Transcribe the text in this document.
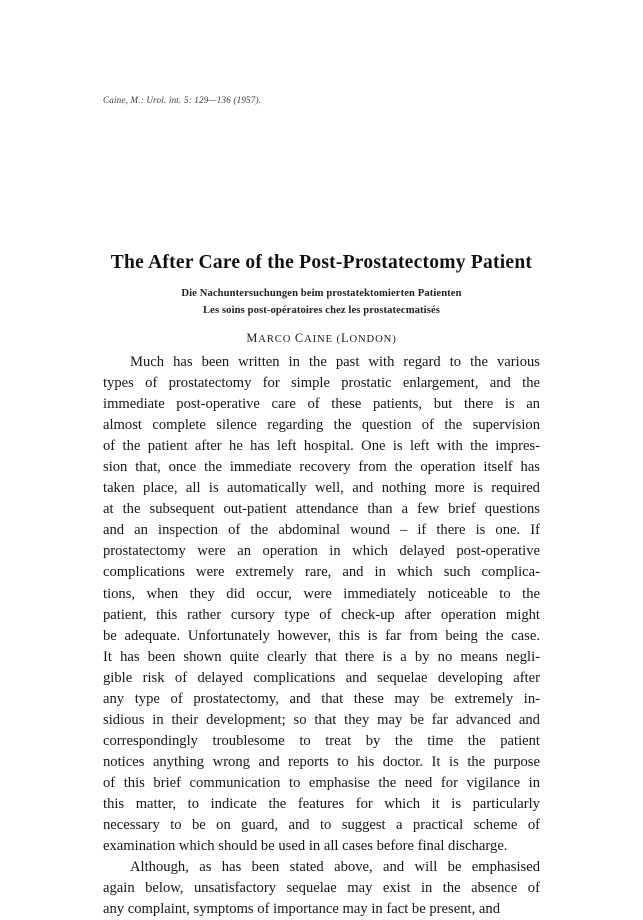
Caine, M.: Urol. int. 5: 129—136 (1957).
The After Care of the Post-Prostatectomy Patient

Die Nachuntersuchungen beim prostatektomierten Patienten

Les soins post-opératoires chez les prostatecmatisés

MARCO CAINE (LONDON)

Much has been written in the past with regard to the various
types of prostatectomy for simple prostatic enlargement, and the
immediate post-operative care of these patients, but there is an
almost complete silence regarding the question of the supervision
of the patient after he has left hospital. One is left with the impres-
sion that, once the immediate recovery from the operation itself has
taken place, all is automatically well, and nothing more is required
at the subsequent out-patient attendance than a few brief questions
and an inspection of the abdominal wound – if there is one. If
prostatectomy were an operation in which delayed post-operative
complications were extremely rare, and in which such complica-
tions, when they did occur, were immediately noticeable to the
patient, this rather cursory type of check-up after operation might
be adequate. Unfortunately however, this is far from being the case.
It has been shown quite clearly that there is a by no means negli-
gible risk of delayed complications and sequelae developing after
any type of prostatectomy, and that these may be extremely in-
sidious in their development; so that they may be far advanced and
correspondingly troublesome to treat by the time the patient
notices anything wrong and reports to his doctor. It is the purpose
of this brief communication to emphasise the need for vigilance in
this matter, to indicate the features for which it is particularly
necessary to be on guard, and to suggest a practical scheme of
examination which should be used in all cases before final discharge.

Although, as has been stated above, and will be emphasised
again below, unsatisfactory sequelae may exist in the absence of
any complaint, symptoms of importance may in fact be present, and
